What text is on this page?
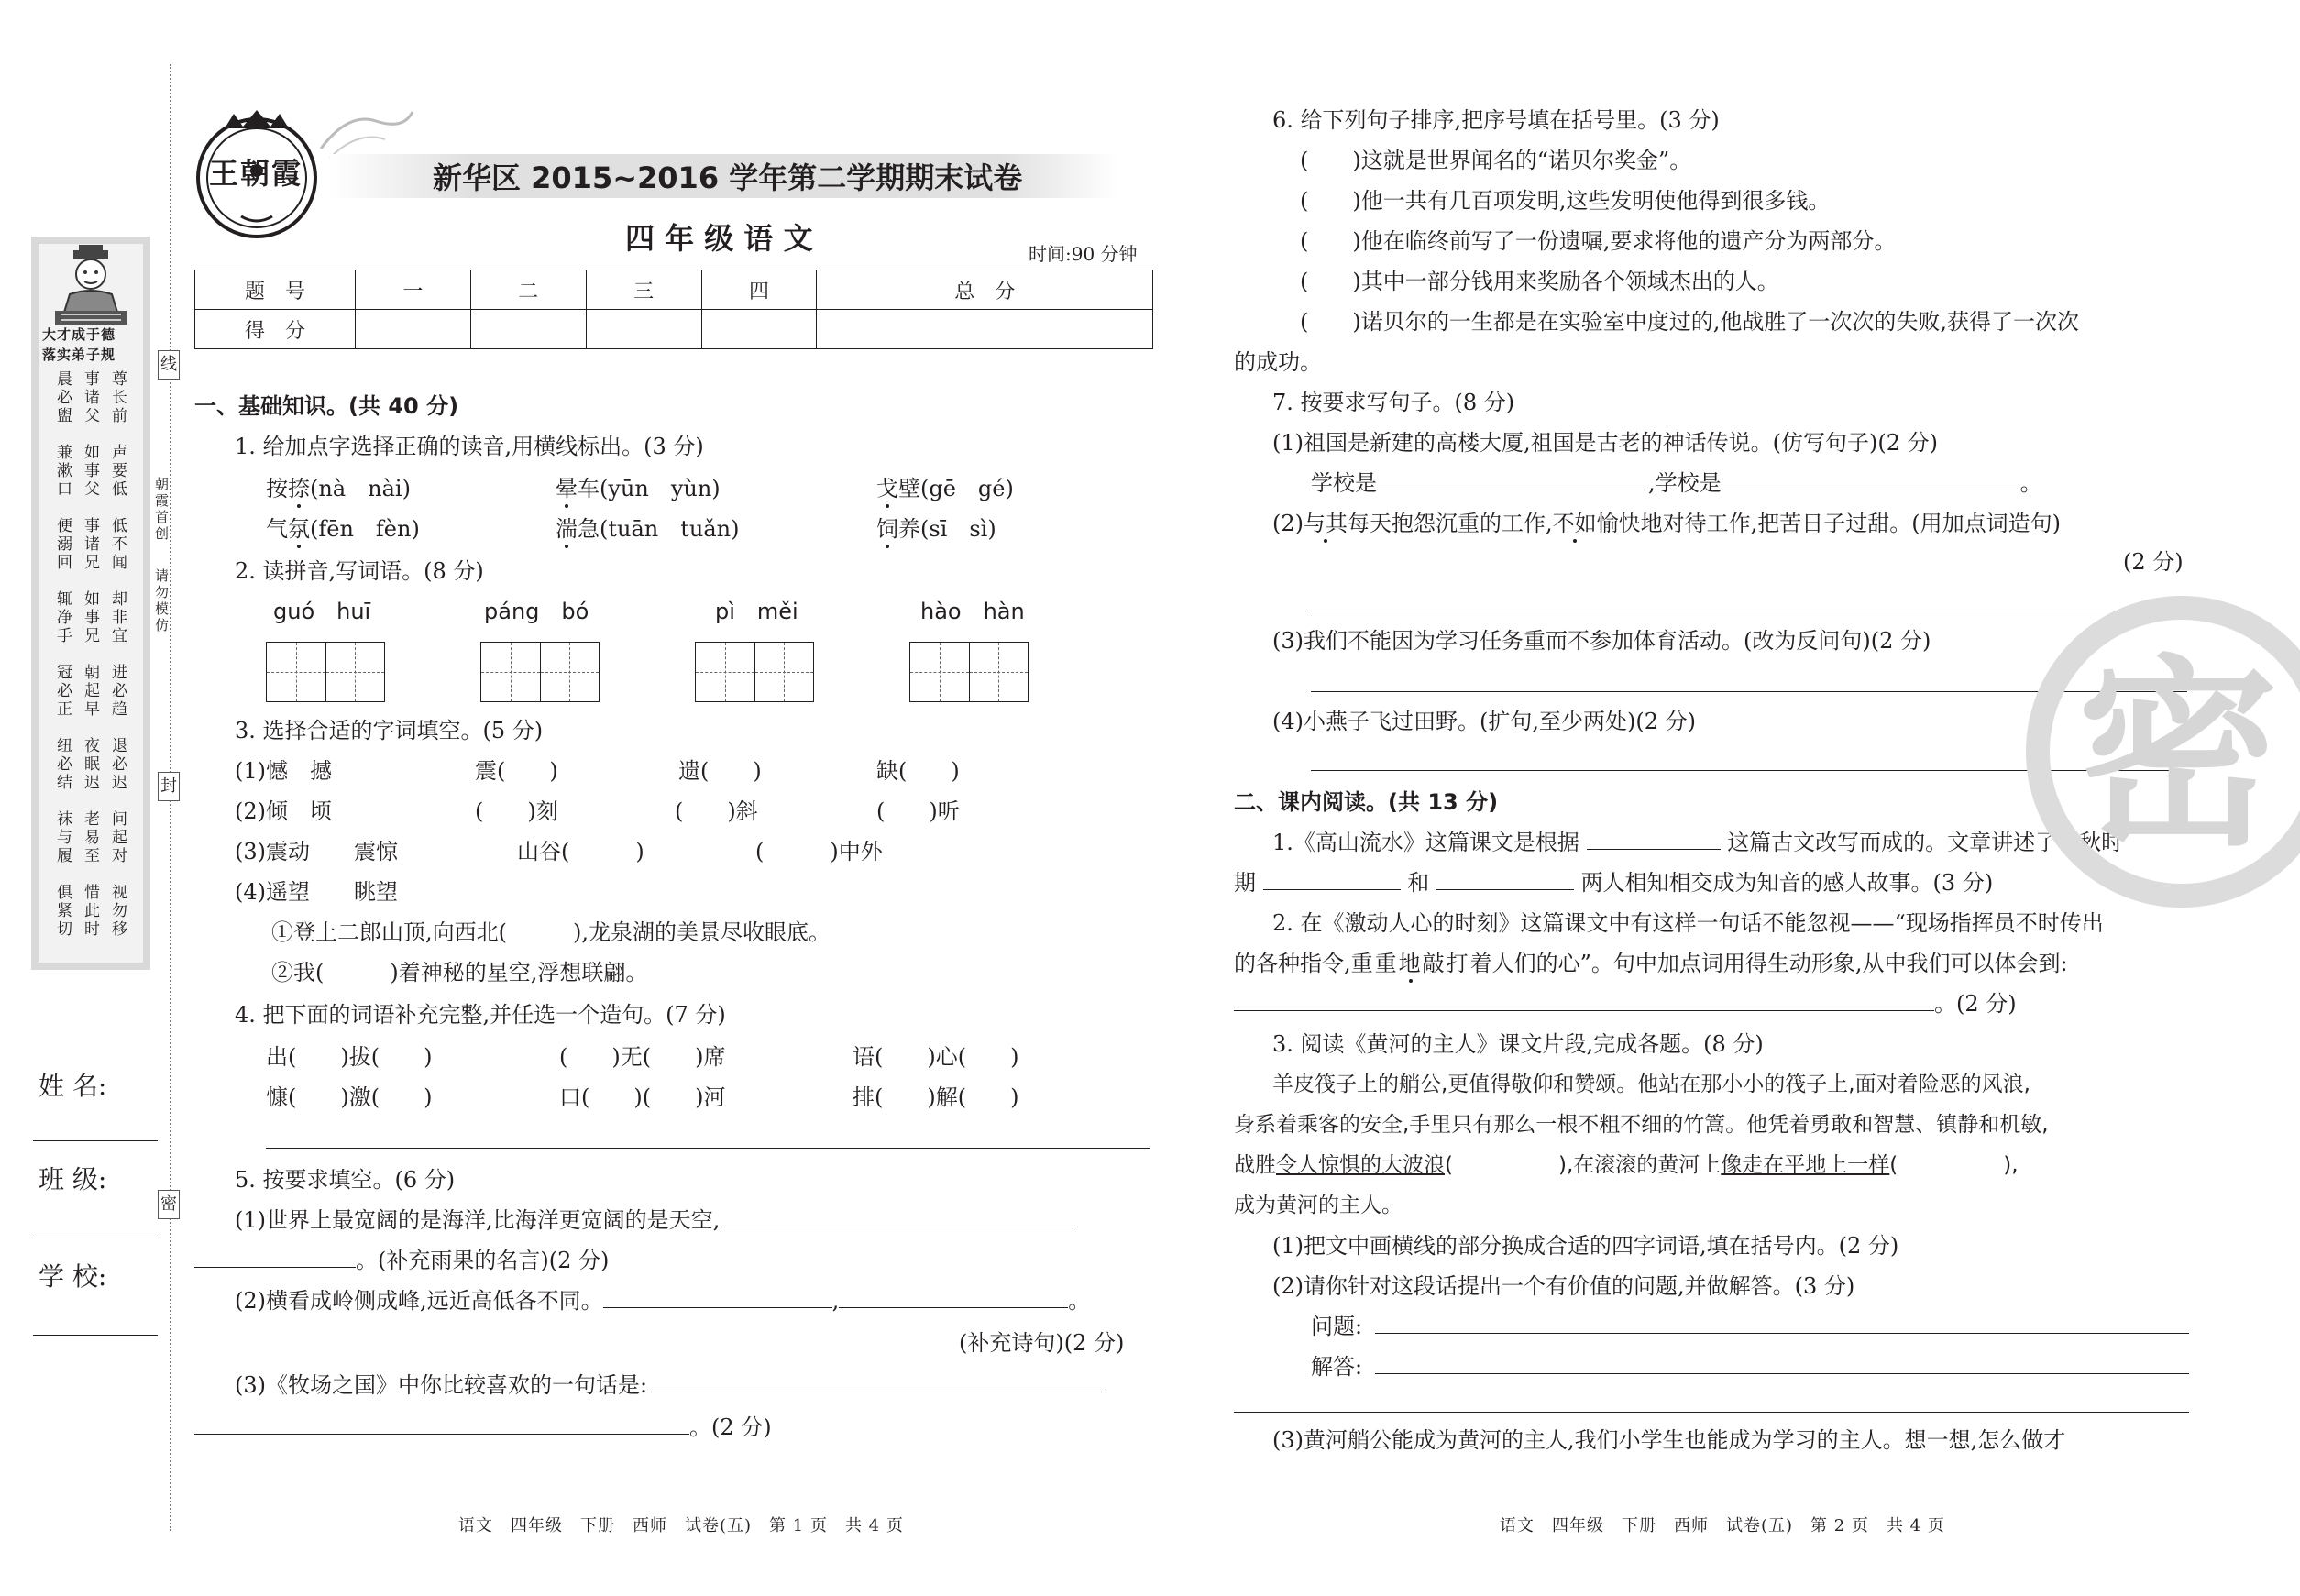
大才成于德
落实弟子规
晨必盥 事诸父 尊长前
兼漱口 如事父 声要低
便溺回 事诸兄 低不闻
辄净手 如事兄 却非宜
冠必正 朝起早 进必趋
纽必结 夜眠迟 退必迟
袜与履 老易至 问起对
俱紧切 惜此时 视勿移
线
封
密
朝霞首创
请勿模仿
姓 名:
班 级:
学 校:
王朝霞	新华区 2015~2016 学年第二学期期末试卷
四 年 级 语 文	时间:90 分钟
题　号	一	二	三	四	总　分
得　分					
一、基础知识。(共 40 分)
1. 给加点字选择正确的读音,用横线标出。(3 分)
按捺(nà　nài)	晕车(yūn　yùn)	戈壁(gē　gé)
气氛(fēn　fèn)	湍急(tuān　tuǎn)	饲养(sī　sì)
2. 读拼音,写词语。(8 分)
guó　huī	páng　bó	pì　měi	hào　hàn
3. 选择合适的字词填空。(5 分)
(1)憾　撼	震(　　)	遗(　　)	缺(　　)
(2)倾　顷	(　　)刻	(　　)斜	(　　)听
(3)震动　　震惊	山谷(　　　)	(　　　)中外
(4)遥望　　眺望
①登上二郎山顶,向西北(　　　),龙泉湖的美景尽收眼底。
②我(　　　)着神秘的星空,浮想联翩。
4. 把下面的词语补充完整,并任选一个造句。(7 分)
出(　　)拔(　　)	(　　)无(　　)席	语(　　)心(　　)
慷(　　)激(　　)	口(　　)(　　)河	排(　　)解(　　)
5. 按要求填空。(6 分)
(1)世界上最宽阔的是海洋,比海洋更宽阔的是天空,
。(补充雨果的名言)(2 分)
(2)横看成岭侧成峰,远近高低各不同。	,	。
(补充诗句)(2 分)
(3)《牧场之国》中你比较喜欢的一句话是:
。(2 分)
语文　四年级　下册　西师　试卷(五)　第 1 页　共 4 页
6. 给下列句子排序,把序号填在括号里。(3 分)
(　　)这就是世界闻名的“诺贝尔奖金”。
(　　)他一共有几百项发明,这些发明使他得到很多钱。
(　　)他在临终前写了一份遗嘱,要求将他的遗产分为两部分。
(　　)其中一部分钱用来奖励各个领域杰出的人。
(　　)诺贝尔的一生都是在实验室中度过的,他战胜了一次次的失败,获得了一次次
的成功。
7. 按要求写句子。(8 分)
(1)祖国是新建的高楼大厦,祖国是古老的神话传说。(仿写句子)(2 分)
学校是	,学校是	。
(2)与其每天抱怨沉重的工作,不如愉快地对待工作,把苦日子过甜。(用加点词造句)
(2 分)
(3)我们不能因为学习任务重而不参加体育活动。(改为反问句)(2 分)
(4)小燕子飞过田野。(扩句,至少两处)(2 分)
二、课内阅读。(共 13 分)
1.《高山流水》这篇课文是根据	这篇古文改写而成的。文章讲述了春秋时
期	和	两人相知相交成为知音的感人故事。(3 分)
2. 在《激动人心的时刻》这篇课文中有这样一句话不能忽视——“现场指挥员不时传出
的各种指令,重重地敲打着人们的心”。句中加点词用得生动形象,从中我们可以体会到:
。(2 分)
3. 阅读《黄河的主人》课文片段,完成各题。(8 分)
羊皮筏子上的艄公,更值得敬仰和赞颂。他站在那小小的筏子上,面对着险恶的风浪,
身系着乘客的安全,手里只有那么一根不粗不细的竹篙。他凭着勇敢和智慧、镇静和机敏,
战胜令人惊惧的大波浪(　　　　　),在滚滚的黄河上像走在平地上一样(　　　　　),
成为黄河的主人。
(1)把文中画横线的部分换成合适的四字词语,填在括号内。(2 分)
(2)请你针对这段话提出一个有价值的问题,并做解答。(3 分)
问题:
解答:
(3)黄河艄公能成为黄河的主人,我们小学生也能成为学习的主人。想一想,怎么做才
语文　四年级　下册　西师　试卷(五)　第 2 页　共 4 页
密
